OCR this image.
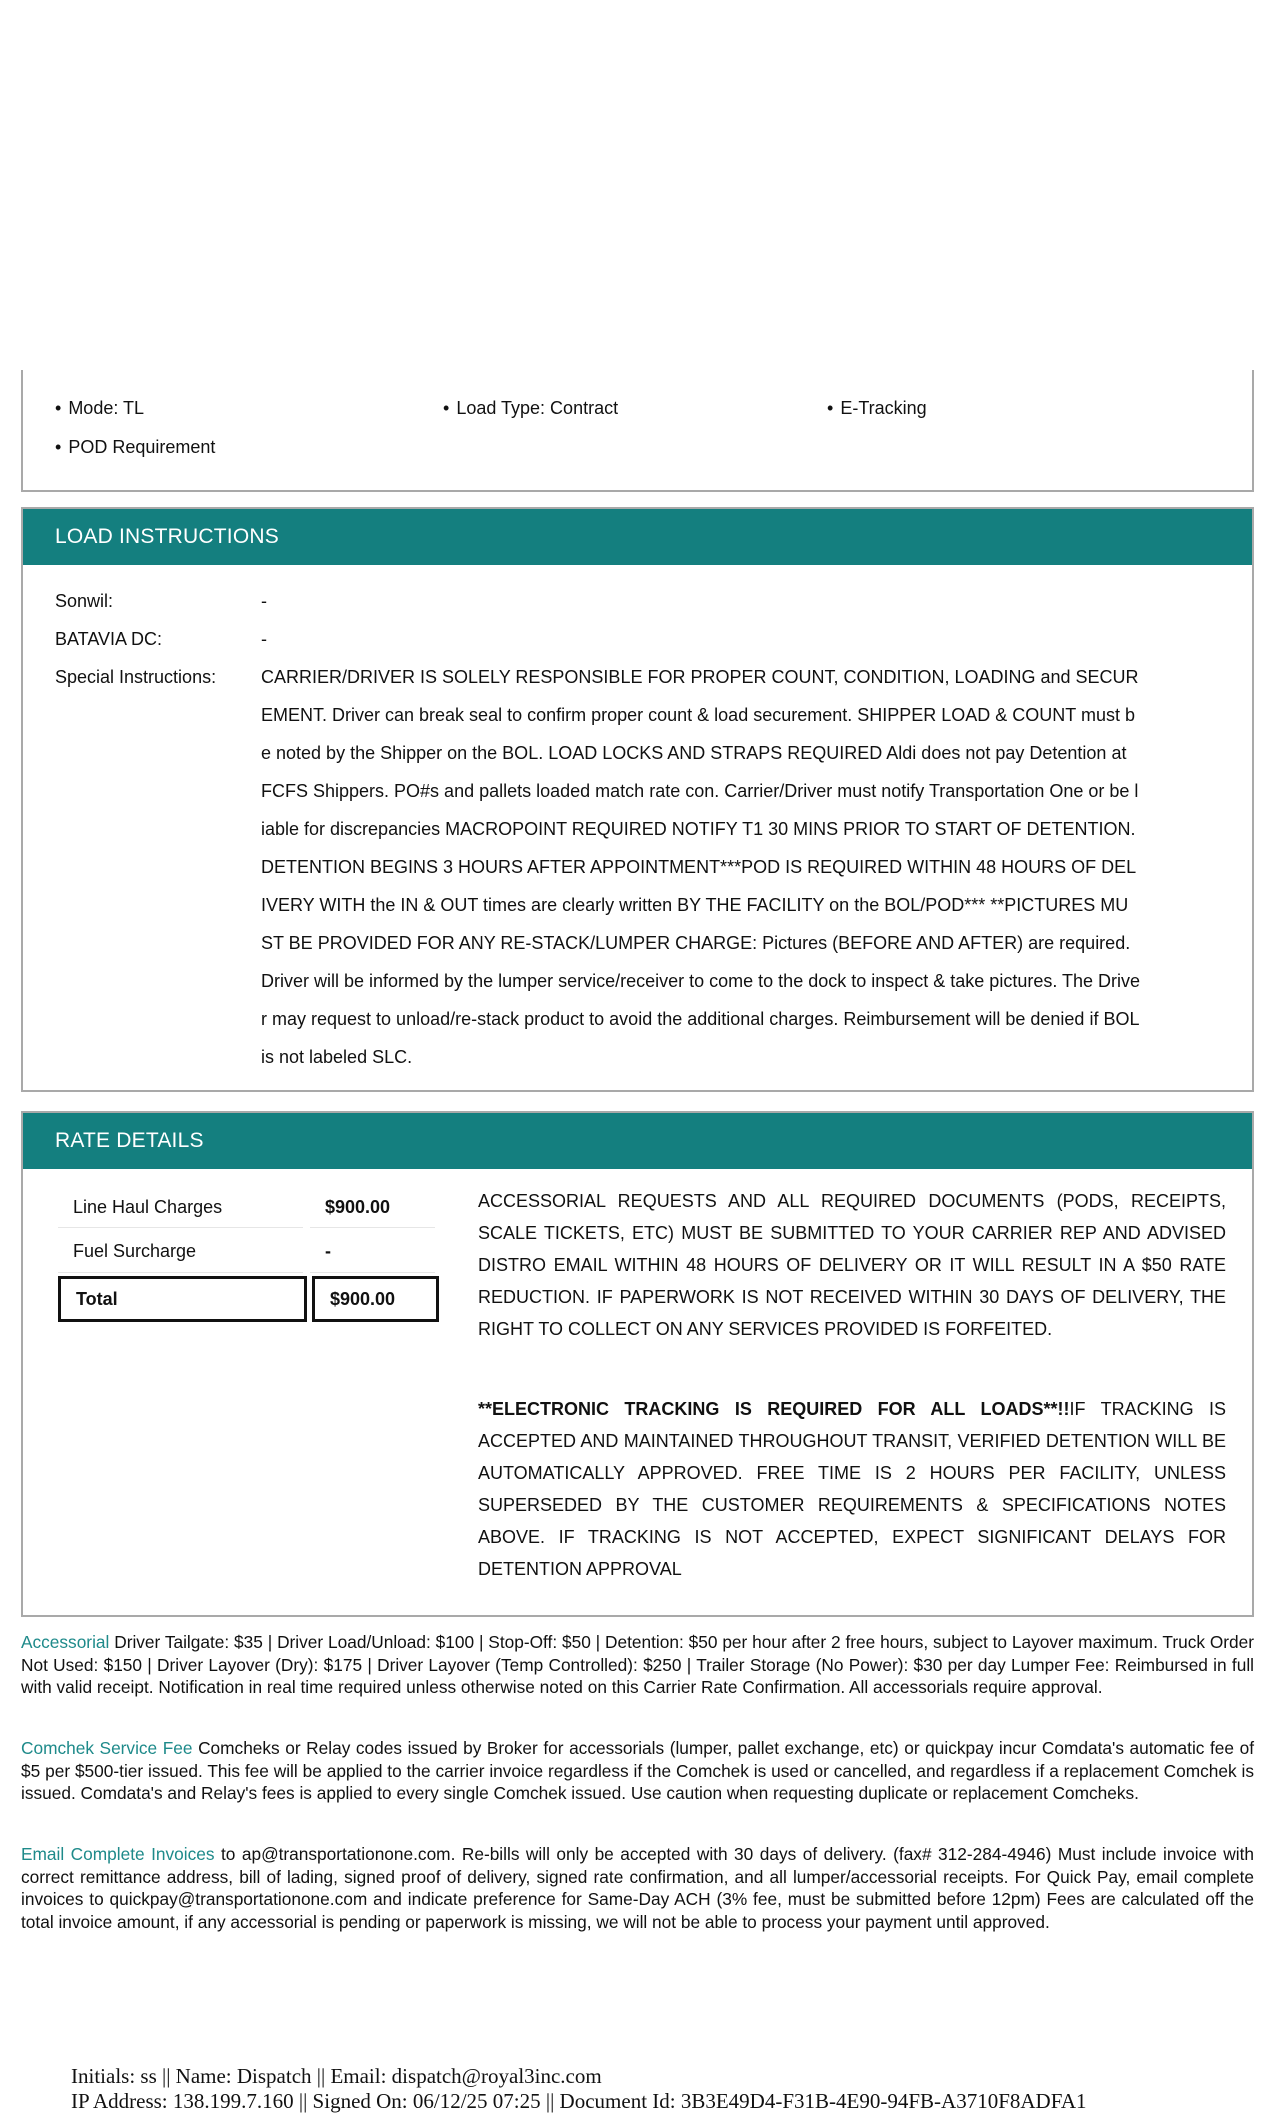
• Mode: TL	• Load Type: Contract	• E-Tracking
• POD Requirement
LOAD INSTRUCTIONS
Sonwil:	-
BATAVIA DC:	-
Special Instructions:	CARRIER/DRIVER IS SOLELY RESPONSIBLE FOR PROPER COUNT, CONDITION, LOADING and SECUR
EMENT. Driver can break seal to confirm proper count & load securement. SHIPPER LOAD & COUNT must b
e noted by the Shipper on the BOL. LOAD LOCKS AND STRAPS REQUIRED Aldi does not pay Detention at
FCFS Shippers. PO#s and pallets loaded match rate con. Carrier/Driver must notify Transportation One or be l
iable for discrepancies MACROPOINT REQUIRED NOTIFY T1 30 MINS PRIOR TO START OF DETENTION.
DETENTION BEGINS 3 HOURS AFTER APPOINTMENT***POD IS REQUIRED WITHIN 48 HOURS OF DEL
IVERY WITH the IN & OUT times are clearly written BY THE FACILITY on the BOL/POD*** **PICTURES MU
ST BE PROVIDED FOR ANY RE-STACK/LUMPER CHARGE: Pictures (BEFORE AND AFTER) are required.
Driver will be informed by the lumper service/receiver to come to the dock to inspect & take pictures. The Drive
r may request to unload/re-stack product to avoid the additional charges. Reimbursement will be denied if BOL
is not labeled SLC.
RATE DETAILS
Line Haul Charges	$900.00
Fuel Surcharge	-
Total	$900.00
ACCESSORIAL REQUESTS AND ALL REQUIRED DOCUMENTS (PODS, RECEIPTS, SCALE TICKETS, ETC) MUST BE SUBMITTED TO YOUR CARRIER REP AND ADVISED DISTRO EMAIL WITHIN 48 HOURS OF DELIVERY OR IT WILL RESULT IN A $50 RATE REDUCTION. IF PAPERWORK IS NOT RECEIVED WITHIN 30 DAYS OF DELIVERY, THE RIGHT TO COLLECT ON ANY SERVICES PROVIDED IS FORFEITED.
**ELECTRONIC TRACKING IS REQUIRED FOR ALL LOADS**!!IF TRACKING IS ACCEPTED AND MAINTAINED THROUGHOUT TRANSIT, VERIFIED DETENTION WILL BE AUTOMATICALLY APPROVED. FREE TIME IS 2 HOURS PER FACILITY, UNLESS SUPERSEDED BY THE CUSTOMER REQUIREMENTS & SPECIFICATIONS NOTES ABOVE. IF TRACKING IS NOT ACCEPTED, EXPECT SIGNIFICANT DELAYS FOR DETENTION APPROVAL
Accessorial Driver Tailgate: $35 | Driver Load/Unload: $100 | Stop-Off: $50 | Detention: $50 per hour after 2 free hours, subject to Layover maximum. Truck Order Not Used: $150 | Driver Layover (Dry): $175 | Driver Layover (Temp Controlled): $250 | Trailer Storage (No Power): $30 per day Lumper Fee: Reimbursed in full with valid receipt. Notification in real time required unless otherwise noted on this Carrier Rate Confirmation. All accessorials require approval.
Comchek Service Fee Comcheks or Relay codes issued by Broker for accessorials (lumper, pallet exchange, etc) or quickpay incur Comdata's automatic fee of $5 per $500-tier issued. This fee will be applied to the carrier invoice regardless if the Comchek is used or cancelled, and regardless if a replacement Comchek is issued. Comdata's and Relay's fees is applied to every single Comchek issued. Use caution when requesting duplicate or replacement Comcheks.
Email Complete Invoices to ap@transportationone.com. Re-bills will only be accepted with 30 days of delivery. (fax# 312-284-4946) Must include invoice with correct remittance address, bill of lading, signed proof of delivery, signed rate confirmation, and all lumper/accessorial receipts. For Quick Pay, email complete invoices to quickpay@transportationone.com and indicate preference for Same-Day ACH (3% fee, must be submitted before 12pm) Fees are calculated off the total invoice amount, if any accessorial is pending or paperwork is missing, we will not be able to process your payment until approved.
Initials: ss || Name: Dispatch || Email: dispatch@royal3inc.com
IP Address: 138.199.7.160 || Signed On: 06/12/25 07:25 || Document Id: 3B3E49D4-F31B-4E90-94FB-A3710F8ADFA1
